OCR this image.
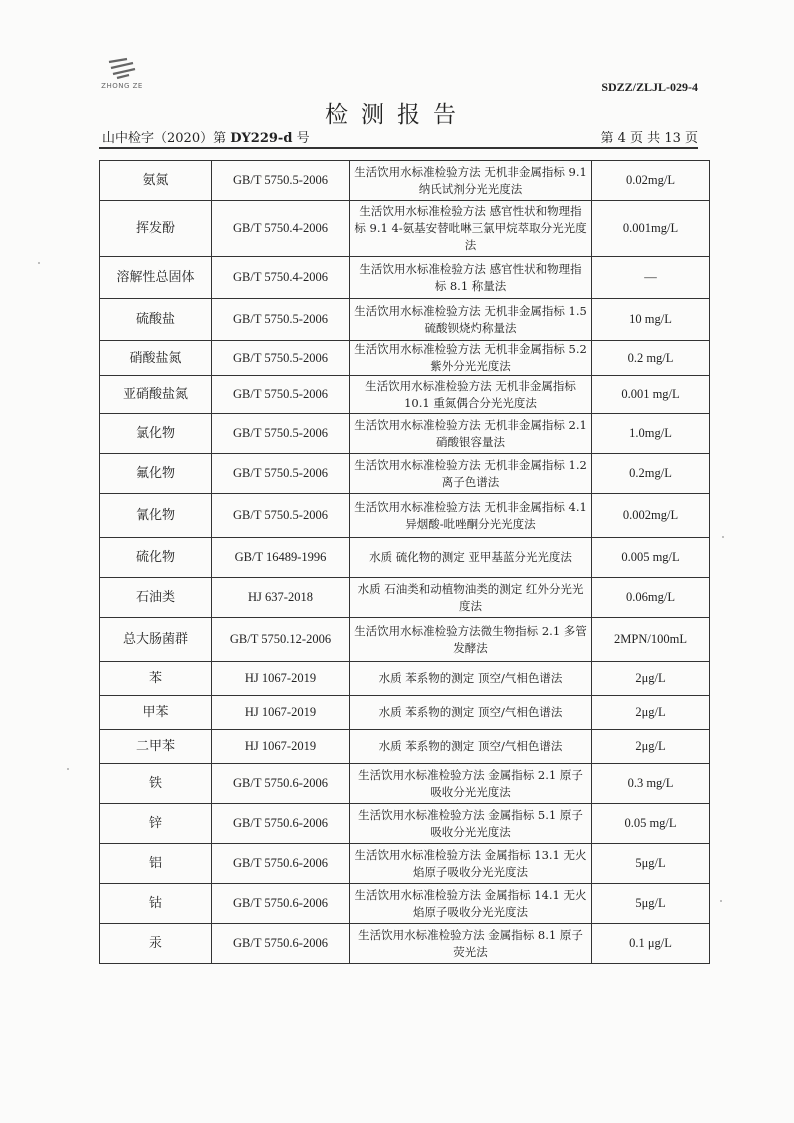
ZHONG ZE	SDZZ/ZLJL-029-4
检测报告
山中检字（2020）第 DY229-d 号	第 4 页 共 13 页
氨氮	GB/T 5750.5-2006	生活饮用水标准检验方法 无机非金属指标 9.1 纳氏试剂分光光度法	0.02mg/L
挥发酚	GB/T 5750.4-2006	生活饮用水标准检验方法 感官性状和物理指标 9.1 4-氨基安替吡啉三氯甲烷萃取分光光度法	0.001mg/L
溶解性总固体	GB/T 5750.4-2006	生活饮用水标准检验方法 感官性状和物理指标 8.1 称量法	—
硫酸盐	GB/T 5750.5-2006	生活饮用水标准检验方法 无机非金属指标 1.5 硫酸钡烧灼称量法	10 mg/L
硝酸盐氮	GB/T 5750.5-2006	生活饮用水标准检验方法 无机非金属指标 5.2 紫外分光光度法	0.2 mg/L
亚硝酸盐氮	GB/T 5750.5-2006	生活饮用水标准检验方法 无机非金属指标 10.1 重氮偶合分光光度法	0.001 mg/L
氯化物	GB/T 5750.5-2006	生活饮用水标准检验方法 无机非金属指标 2.1 硝酸银容量法	1.0mg/L
氟化物	GB/T 5750.5-2006	生活饮用水标准检验方法 无机非金属指标 1.2 离子色谱法	0.2mg/L
氰化物	GB/T 5750.5-2006	生活饮用水标准检验方法 无机非金属指标 4.1 异烟酸-吡唑酮分光光度法	0.002mg/L
硫化物	GB/T 16489-1996	水质 硫化物的测定 亚甲基蓝分光光度法	0.005 mg/L
石油类	HJ 637-2018	水质 石油类和动植物油类的测定 红外分光光度法	0.06mg/L
总大肠菌群	GB/T 5750.12-2006	生活饮用水标准检验方法微生物指标 2.1 多管发酵法	2MPN/100mL
苯	HJ 1067-2019	水质 苯系物的测定 顶空/气相色谱法	2μg/L
甲苯	HJ 1067-2019	水质 苯系物的测定 顶空/气相色谱法	2μg/L
二甲苯	HJ 1067-2019	水质 苯系物的测定 顶空/气相色谱法	2μg/L
铁	GB/T 5750.6-2006	生活饮用水标准检验方法 金属指标 2.1 原子吸收分光光度法	0.3 mg/L
锌	GB/T 5750.6-2006	生活饮用水标准检验方法 金属指标 5.1 原子吸收分光光度法	0.05 mg/L
铝	GB/T 5750.6-2006	生活饮用水标准检验方法 金属指标 13.1 无火焰原子吸收分光光度法	5μg/L
钴	GB/T 5750.6-2006	生活饮用水标准检验方法 金属指标 14.1 无火焰原子吸收分光光度法	5μg/L
汞	GB/T 5750.6-2006	生活饮用水标准检验方法 金属指标 8.1 原子荧光法	0.1 μg/L
